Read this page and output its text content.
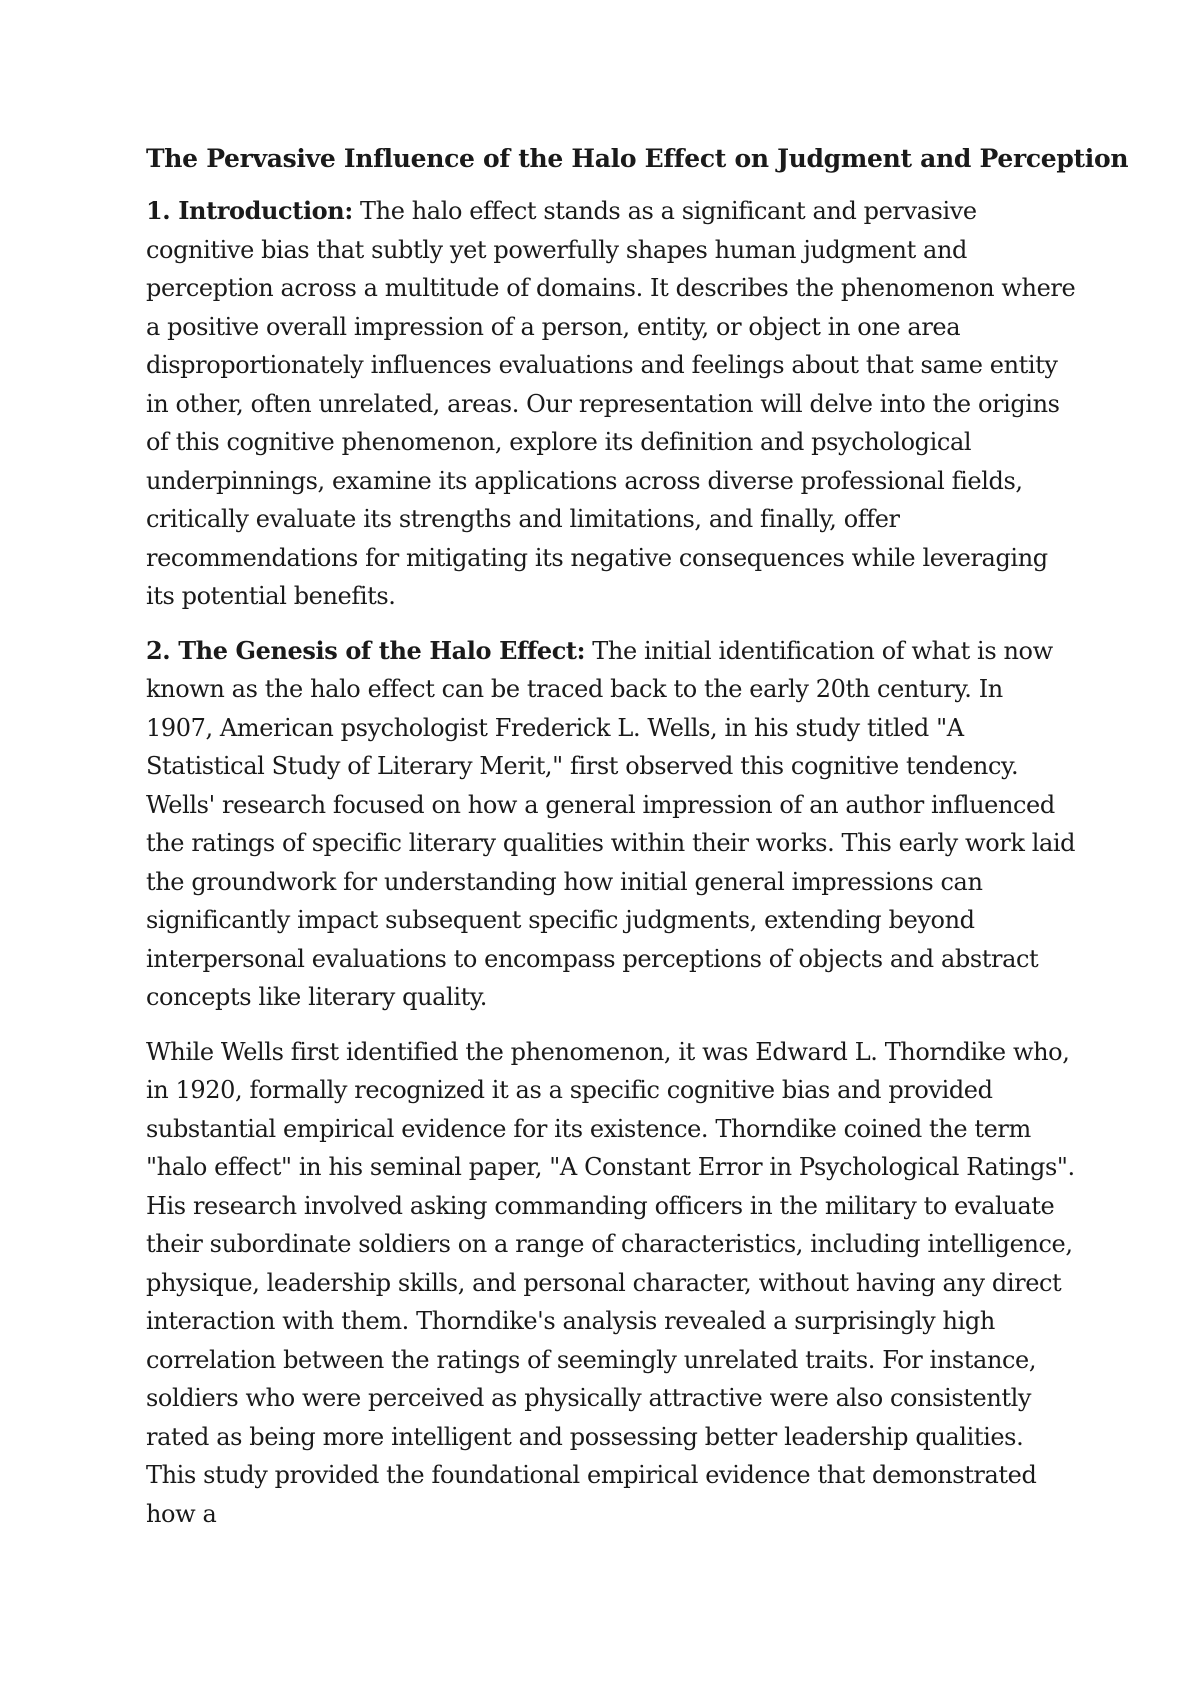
The Pervasive Influence of the Halo Effect on Judgment and Perception

1. Introduction: The halo effect stands as a significant and pervasive cognitive bias that subtly yet powerfully shapes human judgment and perception across a multitude of domains. It describes the phenomenon where a positive overall impression of a person, entity, or object in one area disproportionately influences evaluations and feelings about that same entity in other, often unrelated, areas. Our representation will delve into the origins of this cognitive phenomenon, explore its definition and psychological underpinnings, examine its applications across diverse professional fields, critically evaluate its strengths and limitations, and finally, offer recommendations for mitigating its negative consequences while leveraging its potential benefits.

2. The Genesis of the Halo Effect: The initial identification of what is now known as the halo effect can be traced back to the early 20th century. In 1907, American psychologist Frederick L. Wells, in his study titled "A Statistical Study of Literary Merit," first observed this cognitive tendency. Wells' research focused on how a general impression of an author influenced the ratings of specific literary qualities within their works. This early work laid the groundwork for understanding how initial general impressions can significantly impact subsequent specific judgments, extending beyond interpersonal evaluations to encompass perceptions of objects and abstract concepts like literary quality.

While Wells first identified the phenomenon, it was Edward L. Thorndike who, in 1920, formally recognized it as a specific cognitive bias and provided substantial empirical evidence for its existence. Thorndike coined the term "halo effect" in his seminal paper, "A Constant Error in Psychological Ratings". His research involved asking commanding officers in the military to evaluate their subordinate soldiers on a range of characteristics, including intelligence, physique, leadership skills, and personal character, without having any direct interaction with them. Thorndike's analysis revealed a surprisingly high correlation between the ratings of seemingly unrelated traits. For instance, soldiers who were perceived as physically attractive were also consistently rated as being more intelligent and possessing better leadership qualities. This study provided the foundational empirical evidence that demonstrated how a
